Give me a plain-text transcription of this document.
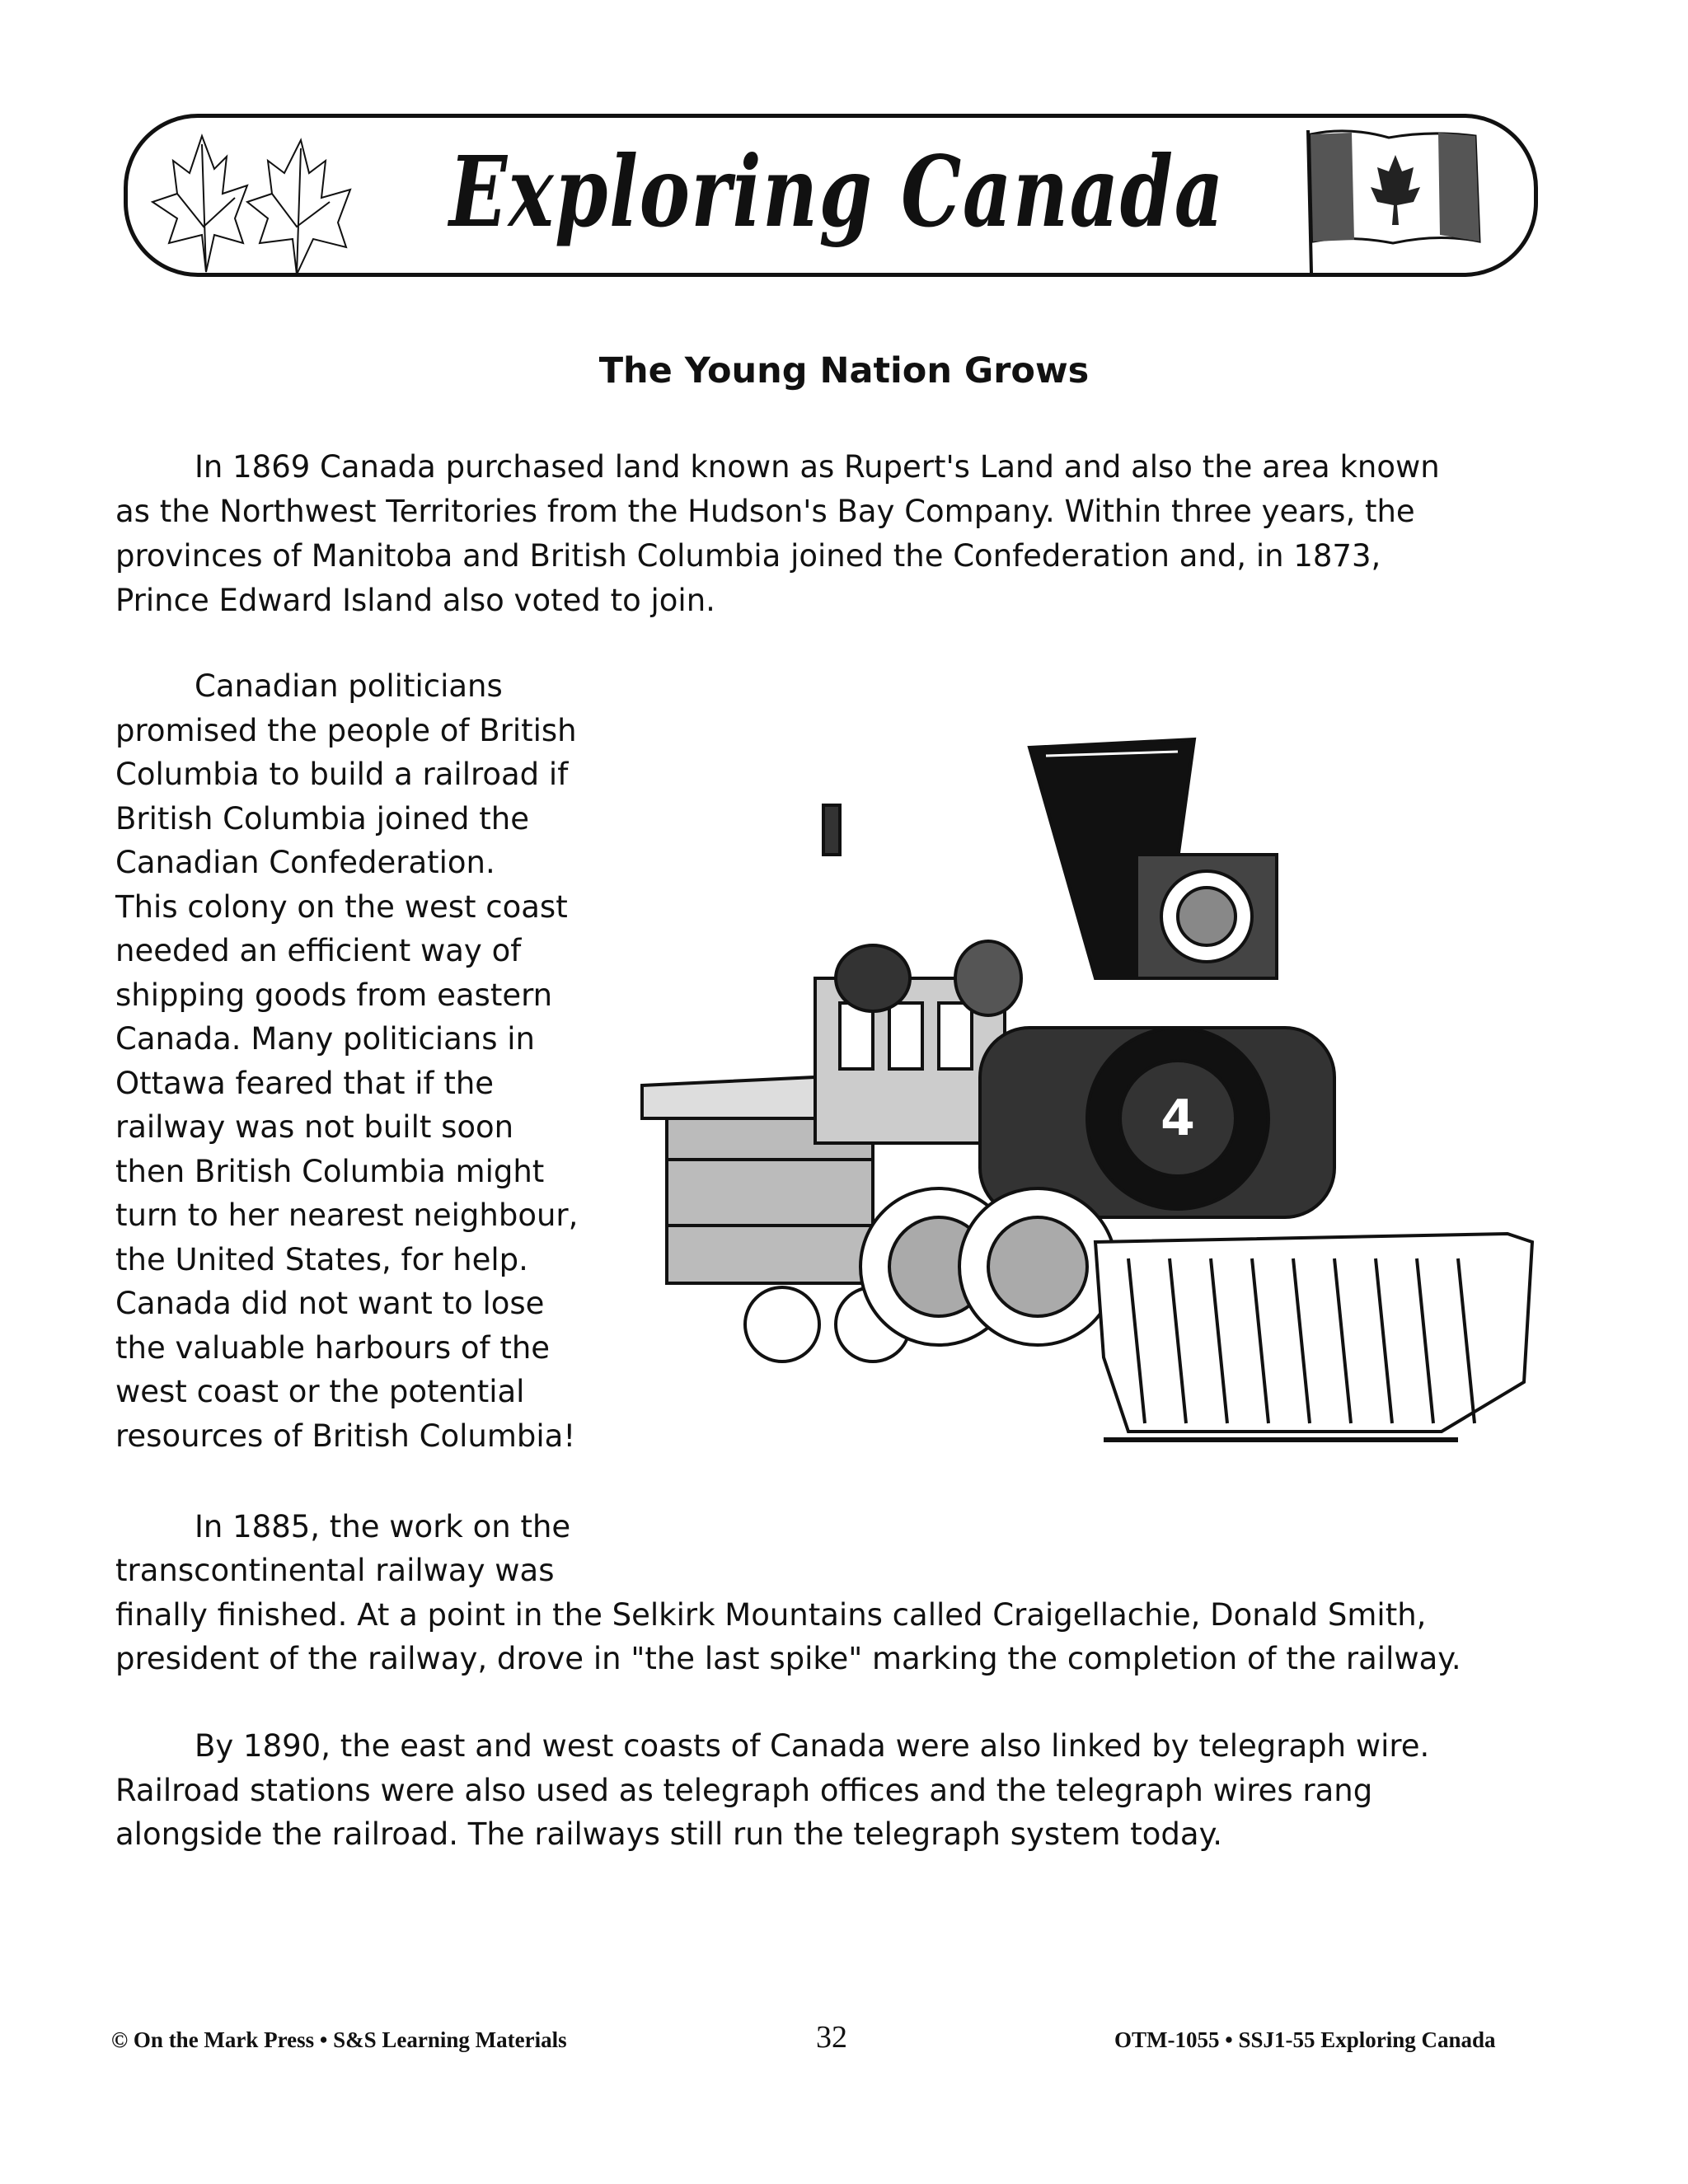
Exploring Canada
The Young Nation Grows
In 1869 Canada purchased land known as Rupert's Land and also the area known
as the Northwest Territories from the Hudson's Bay Company. Within three years, the
provinces of Manitoba and British Columbia joined the Confederation and, in 1873,
Prince Edward Island also voted to join.
Canadian politicians
promised the people of British
Columbia to build a railroad if
British Columbia joined the
Canadian Confederation.
This colony on the west coast
needed an efficient way of
shipping goods from eastern
Canada. Many politicians in
Ottawa feared that if the
railway was not built soon
then British Columbia might
turn to her nearest neighbour,
the United States, for help.
Canada did not want to lose
the valuable harbours of the
west coast or the potential
resources of British Columbia!
4
In 1885, the work on the
transcontinental railway was
finally finished. At a point in the Selkirk Mountains called Craigellachie, Donald Smith,
president of the railway, drove in "the last spike" marking the completion of the railway.
By 1890, the east and west coasts of Canada were also linked by telegraph wire.
Railroad stations were also used as telegraph offices and the telegraph wires rang
alongside the railroad. The railways still run the telegraph system today.
© On the Mark Press • S&S Learning Materials	32	OTM-1055 • SSJ1-55 Exploring Canada
